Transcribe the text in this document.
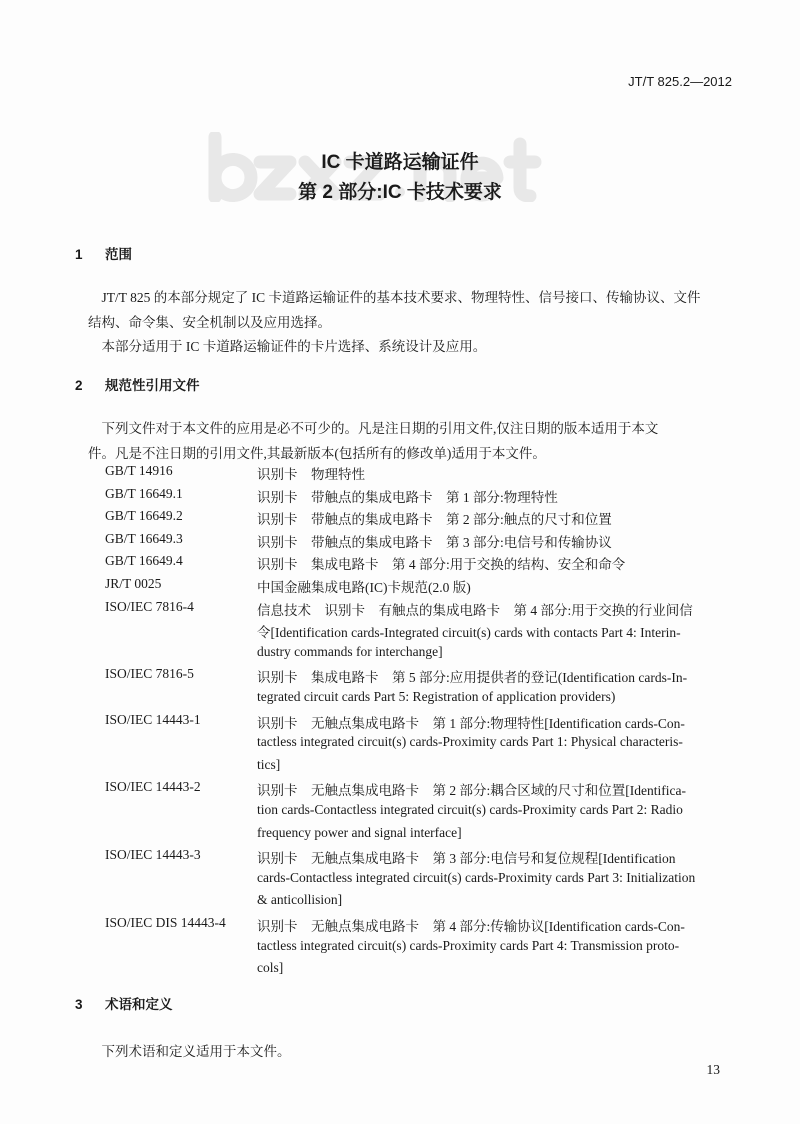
JT/T 825.2—2012
IC 卡道路运输证件
第 2 部分:IC 卡技术要求
1 范围
　JT/T 825 的本部分规定了 IC 卡道路运输证件的基本技术要求、物理特性、信号接口、传输协议、文件
结构、命令集、安全机制以及应用选择。
　本部分适用于 IC 卡道路运输证件的卡片选择、系统设计及应用。
2 规范性引用文件
　下列文件对于本文件的应用是必不可少的。凡是注日期的引用文件,仅注日期的版本适用于本文
件。凡是不注日期的引用文件,其最新版本(包括所有的修改单)适用于本文件。
GB/T 14916	识别卡　物理特性
GB/T 16649.1	识别卡　带触点的集成电路卡　第 1 部分:物理特性
GB/T 16649.2	识别卡　带触点的集成电路卡　第 2 部分:触点的尺寸和位置
GB/T 16649.3	识别卡　带触点的集成电路卡　第 3 部分:电信号和传输协议
GB/T 16649.4	识别卡　集成电路卡　第 4 部分:用于交换的结构、安全和命令
JR/T 0025	中国金融集成电路(IC)卡规范(2.0 版)
ISO/IEC 7816-4	信息技术　识别卡　有触点的集成电路卡　第 4 部分:用于交换的行业间信
令[Identification cards-Integrated circuit(s) cards with contacts Part 4: Interin-
dustry commands for interchange]
ISO/IEC 7816-5	识别卡　集成电路卡　第 5 部分:应用提供者的登记(Identification cards-In-
tegrated circuit cards Part 5: Registration of application providers)
ISO/IEC 14443-1	识别卡　无触点集成电路卡　第 1 部分:物理特性[Identification cards-Con-
tactless integrated circuit(s) cards-Proximity cards Part 1: Physical characteris-
tics]
ISO/IEC 14443-2	识别卡　无触点集成电路卡　第 2 部分:耦合区域的尺寸和位置[Identifica-
tion cards-Contactless integrated circuit(s) cards-Proximity cards Part 2: Radio
frequency power and signal interface]
ISO/IEC 14443-3	识别卡　无触点集成电路卡　第 3 部分:电信号和复位规程[Identification
cards-Contactless integrated circuit(s) cards-Proximity cards Part 3: Initialization
& anticollision]
ISO/IEC DIS 14443-4 识别卡　无触点集成电路卡　第 4 部分:传输协议[Identification cards-Con-
tactless integrated circuit(s) cards-Proximity cards Part 4: Transmission proto-
cols]
3 术语和定义
　下列术语和定义适用于本文件。
13
